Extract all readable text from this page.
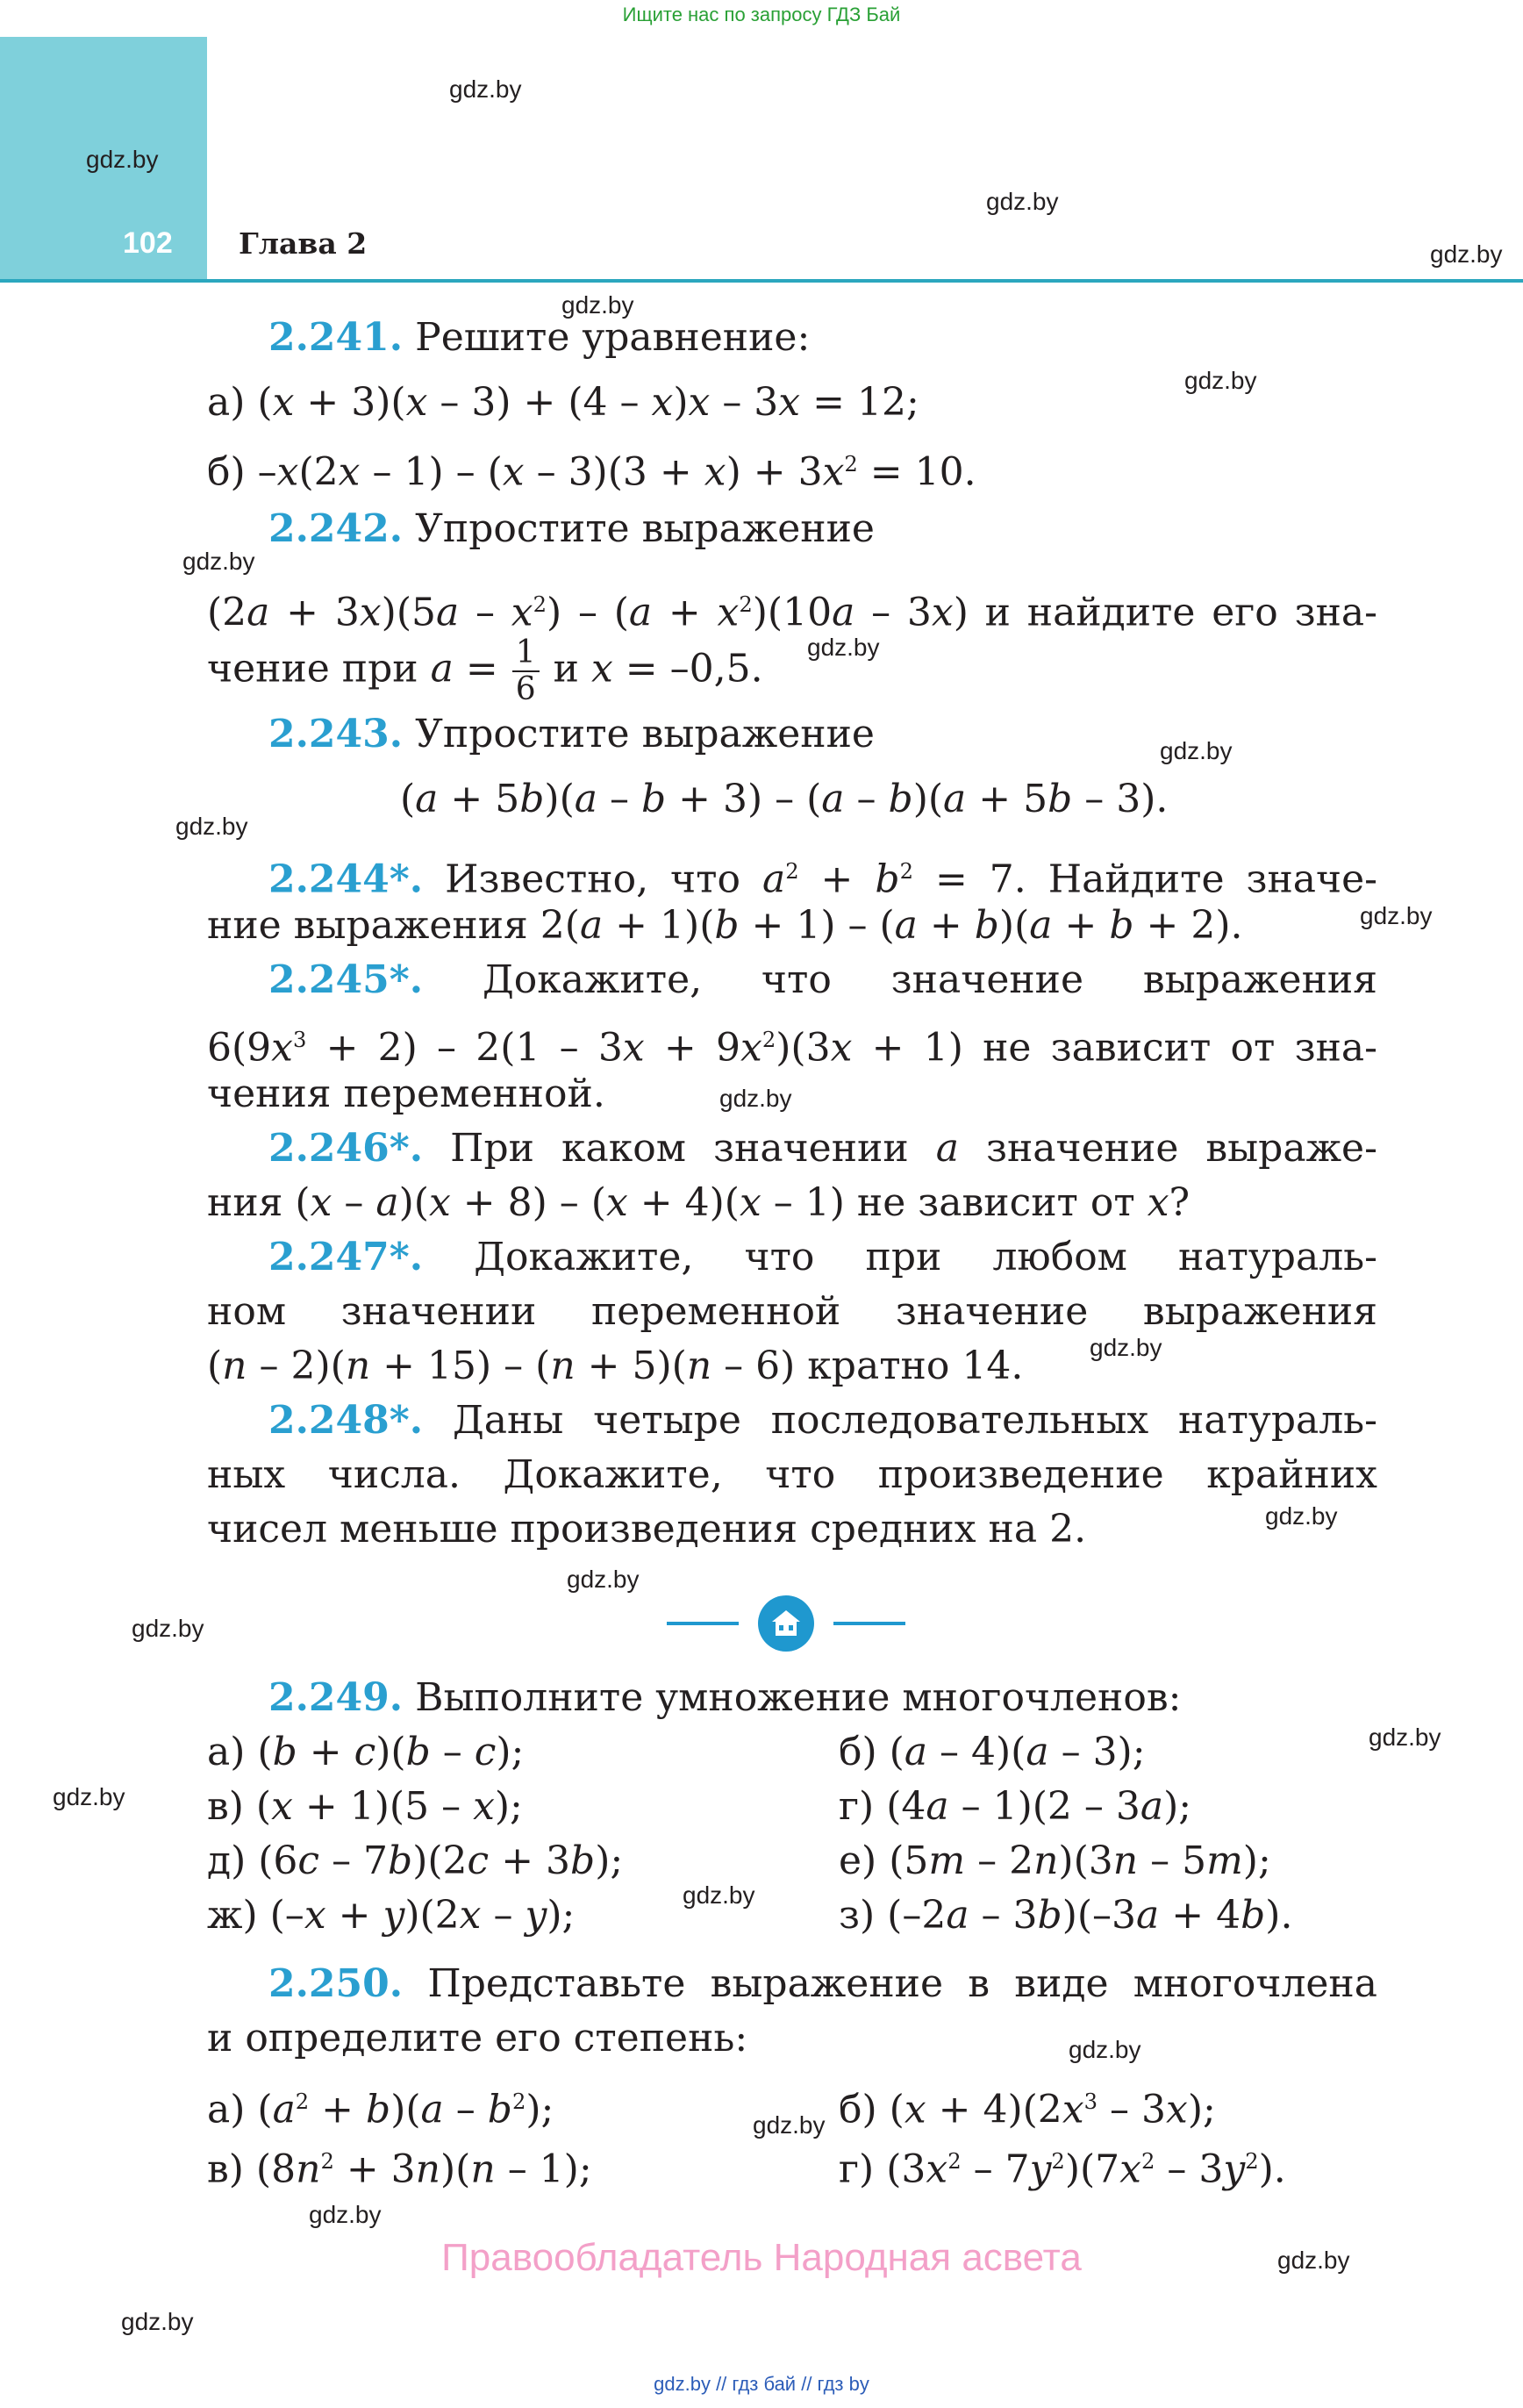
Ищите нас по запросу ГДЗ Бай
102 Глава 2
gdz.by
gdz.by
gdz.by
gdz.by
gdz.by
gdz.by
gdz.by
gdz.by
gdz.by
gdz.by
gdz.by
gdz.by
gdz.by
gdz.by
gdz.by
gdz.by
gdz.by
gdz.by
gdz.by
gdz.by
gdz.by
gdz.by
gdz.by
gdz.by
2.241. Решите уравнение:
а) (x + 3)(x – 3) + (4 – x)x – 3x = 12;
б) $-x(2x - 1) - (x - 3)(3 + x) + 3x^2 = 10$.
2.242. Упростите выражение
$(2a + 3x)(5a - x^2) - (a + x^2)(10a - 3x)$ и найдите его зна-
чение при $a = \frac{1}{6}$ и x = –0,5.
2.243. Упростите выражение
(a + 5b)(a – b + 3) – (a – b)(a + 5b – 3).
2.244*. Известно, что $a^2 + b^2 = 7$. Найдите значе-
ние выражения 2(a + 1)(b + 1) – (a + b)(a + b + 2).
2.245*. Докажите, что значение выражения
$6(9x^3 + 2) - 2(1 - 3x + 9x^2)(3x + 1)$ не зависит от зна-
чения переменной.
2.246*. При каком значении a значение выраже-
ния (x – a)(x + 8) – (x + 4)(x – 1) не зависит от x?
2.247*. Докажите, что при любом натураль-
ном значении переменной значение выражения
(n – 2)(n + 15) – (n + 5)(n – 6) кратно 14.
2.248*. Даны четыре последовательных натураль-
ных числа. Докажите, что произведение крайних
чисел меньше произведения средних на 2.
2.249. Выполните умножение многочленов:
а) (b + c)(b – c);	б) (a – 4)(a – 3);
в) (x + 1)(5 – x);	г) (4a – 1)(2 – 3a);
д) (6c – 7b)(2c + 3b);	е) (5m – 2n)(3n – 5m);
ж) (–x + y)(2x – y);	з) (–2a – 3b)(–3a + 4b).
2.250. Представьте выражение в виде многочлена
и определите его степень:
а) $(a^2 + b)(a - b^2)$;	б) $(x + 4)(2x^3 - 3x)$;
в) $(8n^2 + 3n)(n - 1)$;	г) $(3x^2 - 7y^2)(7x^2 - 3y^2)$.
Правообладатель Народная асвета
gdz.by // гдз бай // гдз by
